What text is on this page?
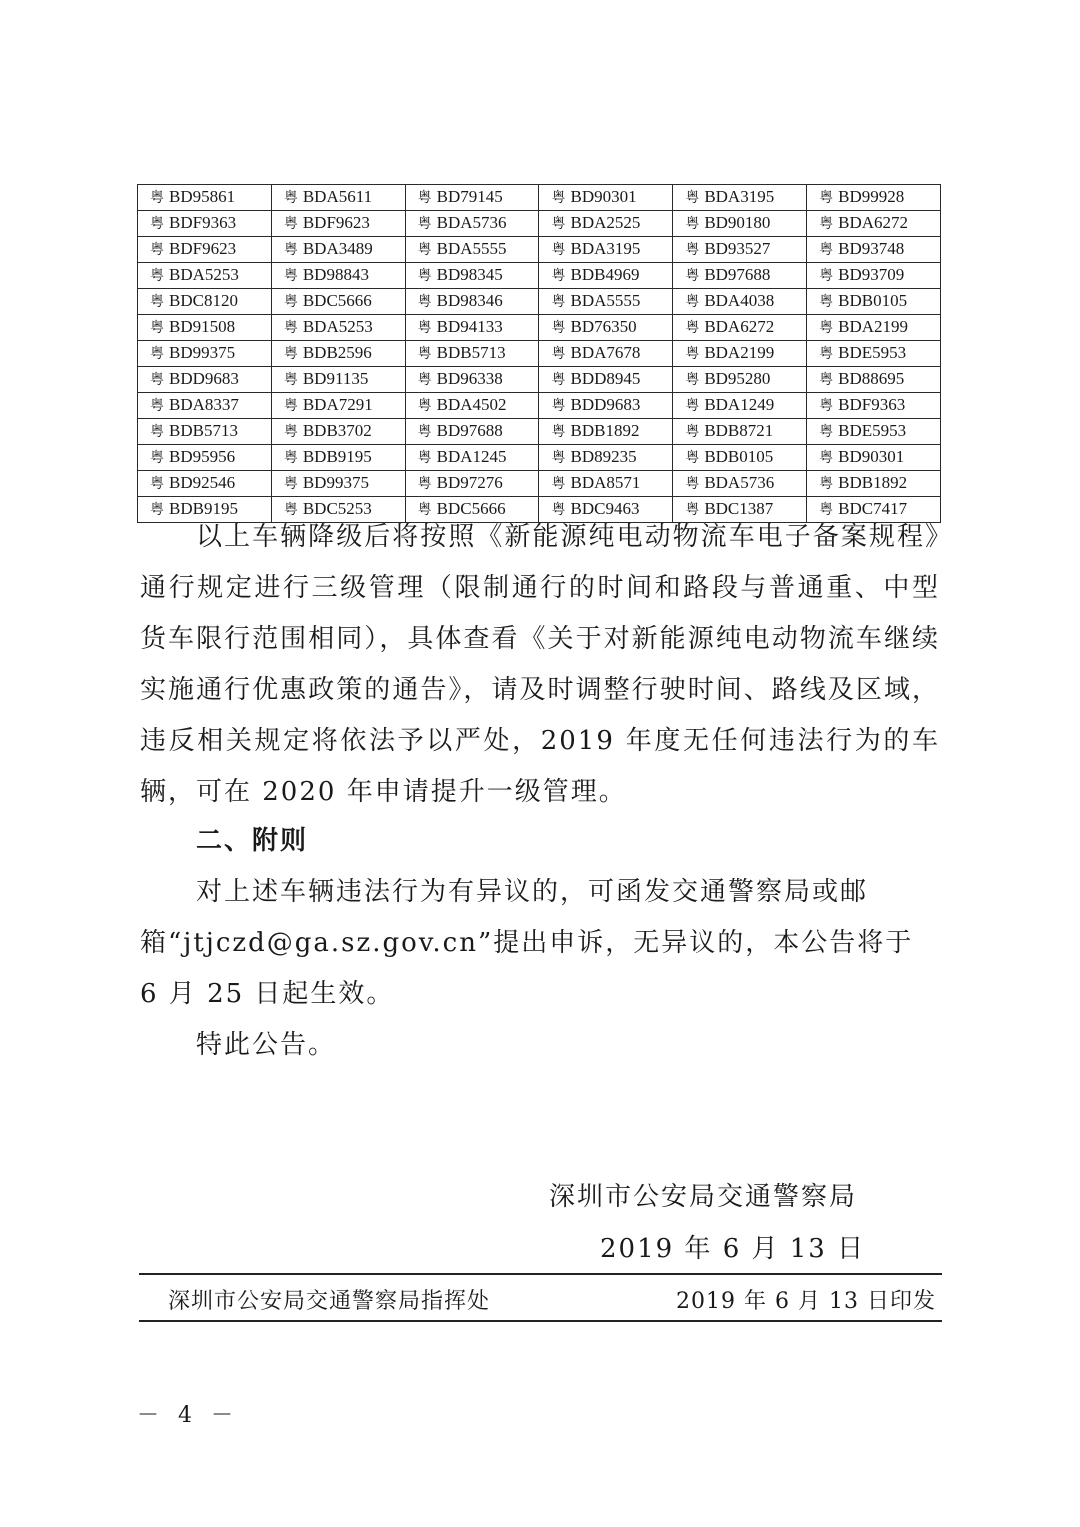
粤 BD95861	粤 BDA5611	粤 BD79145	粤 BD90301	粤 BDA3195	粤 BD99928
粤 BDF9363	粤 BDF9623	粤 BDA5736	粤 BDA2525	粤 BD90180	粤 BDA6272
粤 BDF9623	粤 BDA3489	粤 BDA5555	粤 BDA3195	粤 BD93527	粤 BD93748
粤 BDA5253	粤 BD98843	粤 BD98345	粤 BDB4969	粤 BD97688	粤 BD93709
粤 BDC8120	粤 BDC5666	粤 BD98346	粤 BDA5555	粤 BDA4038	粤 BDB0105
粤 BD91508	粤 BDA5253	粤 BD94133	粤 BD76350	粤 BDA6272	粤 BDA2199
粤 BD99375	粤 BDB2596	粤 BDB5713	粤 BDA7678	粤 BDA2199	粤 BDE5953
粤 BDD9683	粤 BD91135	粤 BD96338	粤 BDD8945	粤 BD95280	粤 BD88695
粤 BDA8337	粤 BDA7291	粤 BDA4502	粤 BDD9683	粤 BDA1249	粤 BDF9363
粤 BDB5713	粤 BDB3702	粤 BD97688	粤 BDB1892	粤 BDB8721	粤 BDE5953
粤 BD95956	粤 BDB9195	粤 BDA1245	粤 BD89235	粤 BDB0105	粤 BD90301
粤 BD92546	粤 BD99375	粤 BD97276	粤 BDA8571	粤 BDA5736	粤 BDB1892
粤 BDB9195	粤 BDC5253	粤 BDC5666	粤 BDC9463	粤 BDC1387	粤 BDC7417

以上车辆降级后将按照《新能源纯电动物流车电子备案规程》通行规定进行三级管理（限制通行的时间和路段与普通重、中型货车限行范围相同），具体查看《关于对新能源纯电动物流车继续实施通行优惠政策的通告》，请及时调整行驶时间、路线及区域，违反相关规定将依法予以严处，2019 年度无任何违法行为的车辆，可在 2020 年申请提升一级管理。

二、附则

对上述车辆违法行为有异议的，可函发交通警察局或邮箱“jtjczd@ga.sz.gov.cn”提出申诉，无异议的，本公告将于 6 月 25 日起生效。

特此公告。

深圳市公安局交通警察局

2019 年 6 月 13 日

深圳市公安局交通警察局指挥处	2019 年 6 月 13 日印发

－ 4 －
